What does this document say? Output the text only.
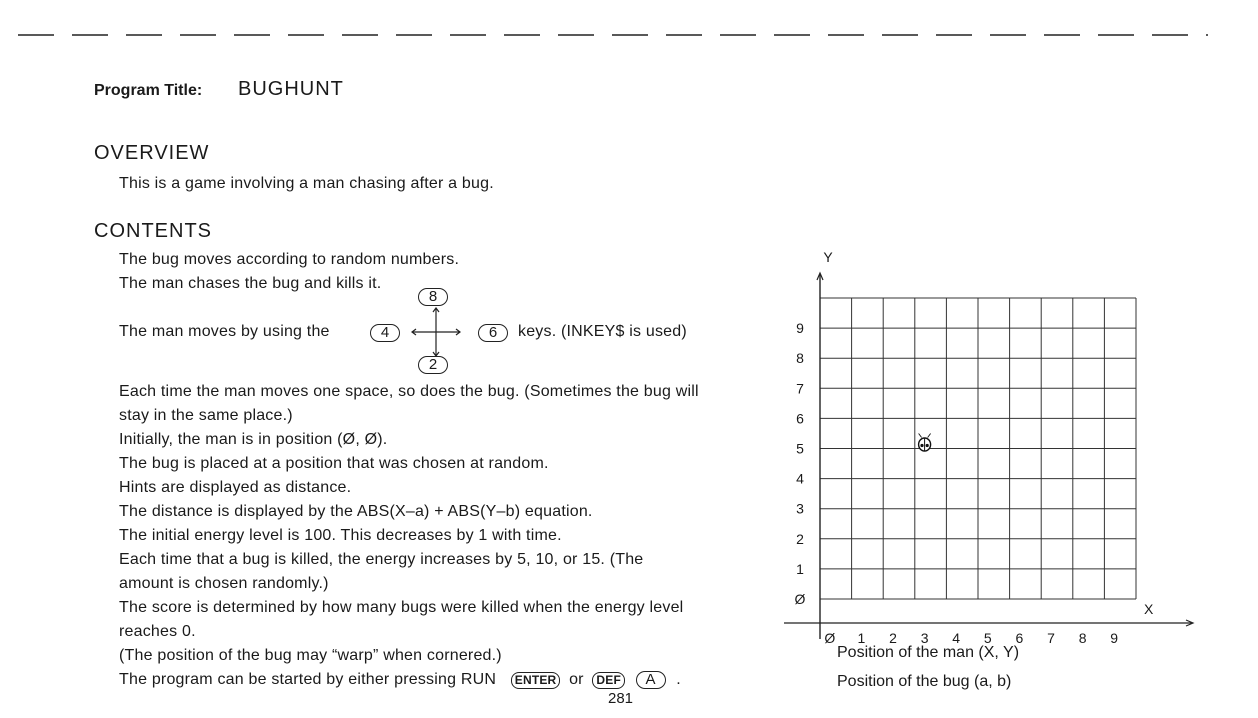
Program Title: BUGHUNT
OVERVIEW
This is a game involving a man chasing after a bug.
CONTENTS
The bug moves according to random numbers.
The man chases the bug and kills it.
The man moves by using the
8
4	6
2
keys. (INKEY$ is used)
Each time the man moves one space, so does the bug. (Sometimes the bug will
stay in the same place.)
Initially, the man is in position (Ø, Ø).
The bug is placed at a position that was chosen at random.
Hints are displayed as distance.
The distance is displayed by the ABS(X–a) + ABS(Y–b) equation.
The initial energy level is 100. This decreases by 1 with time.
Each time that a bug is killed, the energy increases by 5, 10, or 15. (The
amount is chosen randomly.)
The score is determined by how many bugs were killed when the energy level
reaches 0.
(The position of the bug may “warp” when cornered.)
The program can be started by either pressing RUN ENTER or DEF A .
Y
X
Ø 1 2 3 4 5 6 7 8 9
Ø
1
2
3
4
5
6
7
8
9
Position of the man (X, Y)
Position of the bug (a, b)
281
